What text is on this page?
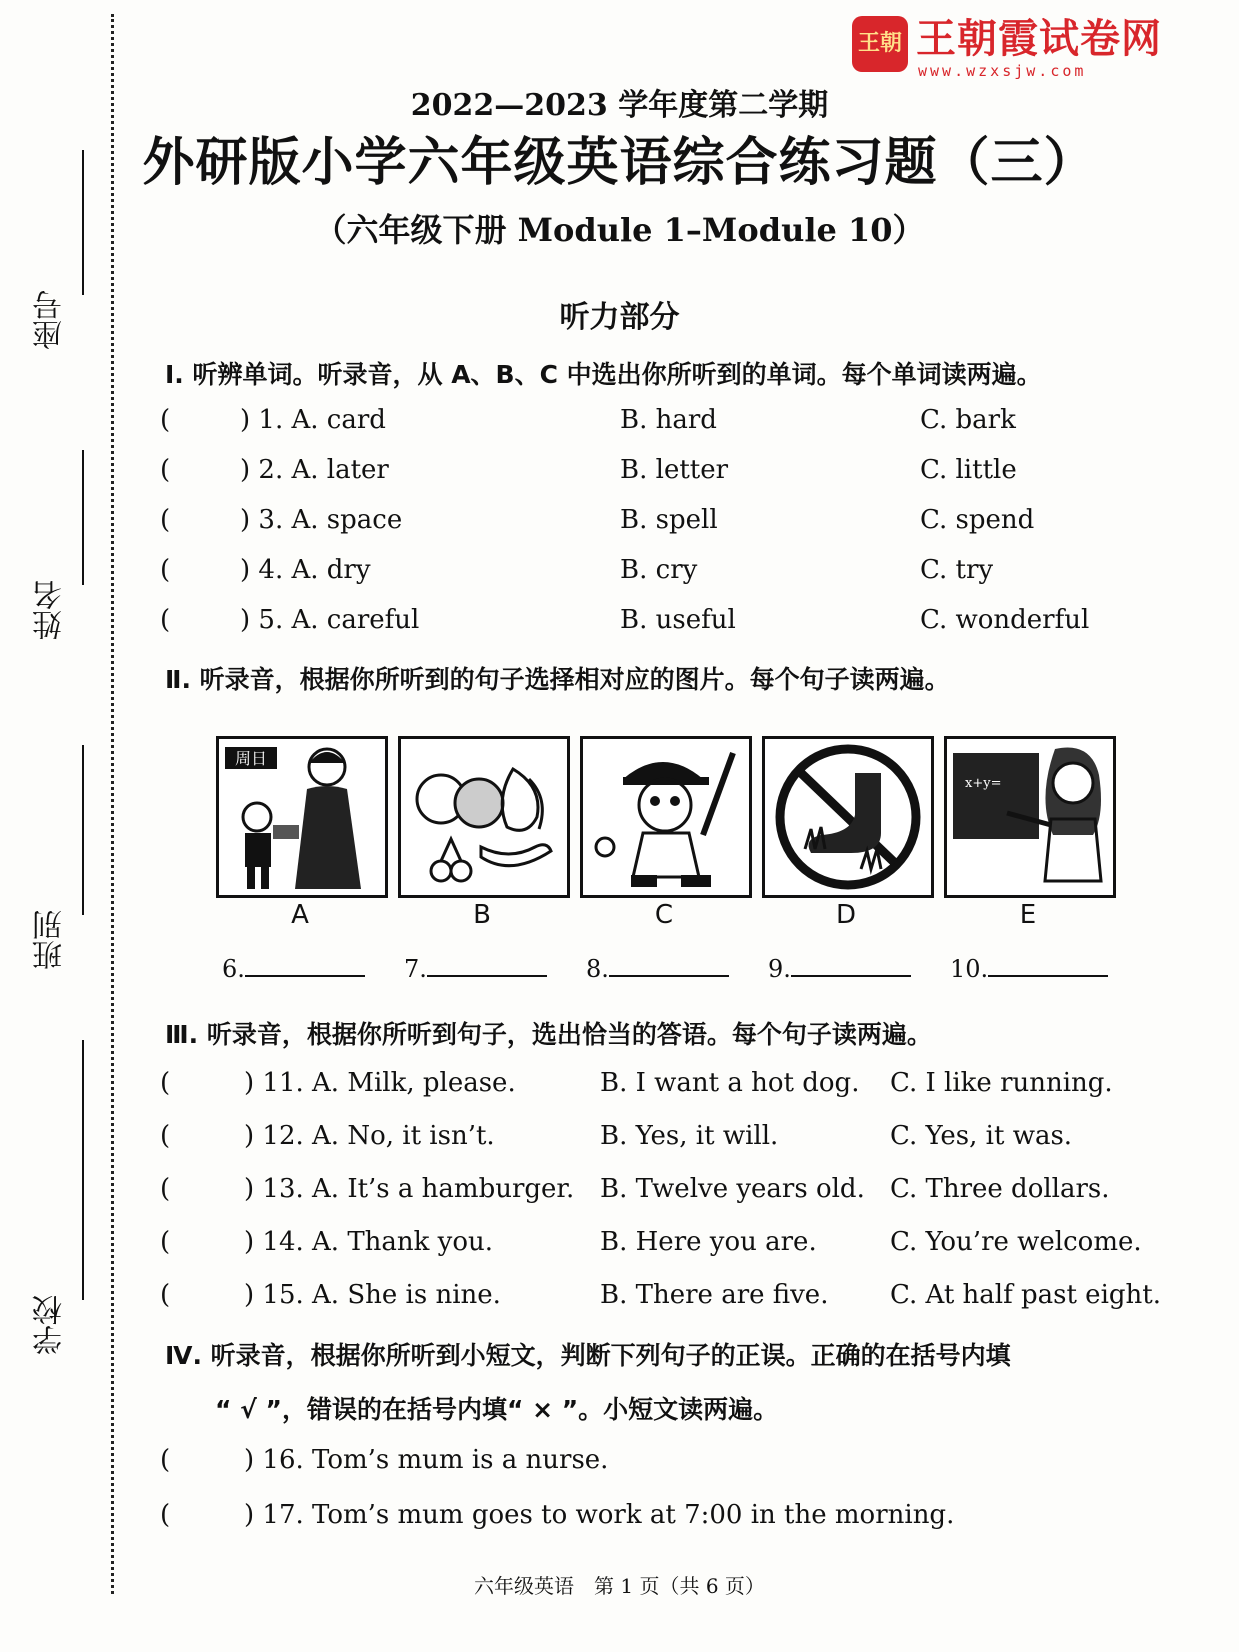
座号
姓名
班别
学校
王朝 王朝霞试卷网
www.wzxsjw.com
2022—2023 学年度第二学期
外研版小学六年级英语综合练习题（三）
（六年级下册 Module 1–Module 10）
听力部分
Ⅰ. 听辨单词。听录音，从 A、B、C 中选出你所听到的单词。每个单词读两遍。
(	) 1. A. card	B. hard	C. bark
(	) 2. A. later	B. letter	C. little
(	) 3. A. space	B. spell	C. spend
(	) 4. A. dry	B. cry	C. try
(	) 5. A. careful	B. useful	C. wonderful
Ⅱ. 听录音，根据你所听到的句子选择相对应的图片。每个句子读两遍。
周日
x+y=
A	B	C	D	E
6.	7.	8.	9.	10.
Ⅲ. 听录音，根据你所听到句子，选出恰当的答语。每个句子读两遍。
(	) 11. A. Milk, please.	B. I want a hot dog. C. I like running.
(	) 12. A. No, it isn’t.	B. Yes, it will.	C. Yes, it was.
(	) 13. A. It’s a hamburger. B. Twelve years old. C. Three dollars.
(	) 14. A. Thank you.	B. Here you are.	C. You’re welcome.
(	) 15. A. She is nine.	B. There are five. C. At half past eight.
Ⅳ. 听录音，根据你所听到小短文，判断下列句子的正误。正确的在括号内填
“ √ ”，错误的在括号内填“ × ”。小短文读两遍。
(	) 16. Tom’s mum is a nurse.
(	) 17. Tom’s mum goes to work at 7:00 in the morning.
六年级英语　第 1 页（共 6 页）
